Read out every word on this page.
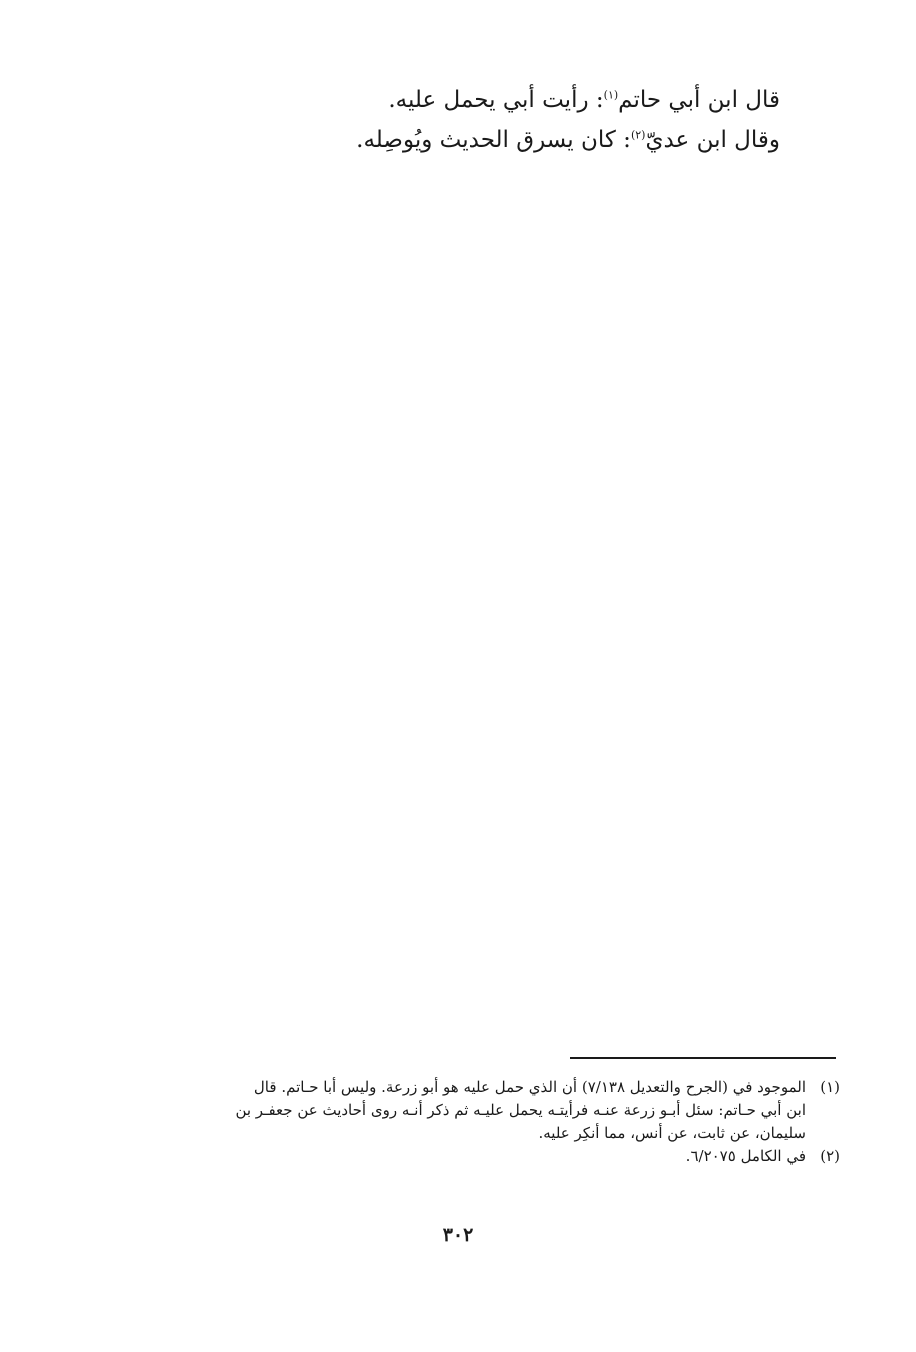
قال ابن أبي حاتم$^{(١)}$: رأيت أبي يحمل عليه.
وقال ابن عديّ$^{(٢)}$: كان يسرق الحديث ويُوصِله.
(١)
الموجود في (الجرح والتعديل ٧/١٣٨) أن الذي حمل عليه هو أبو زرعة. وليس أبا حـاتم. قال
ابن أبي حـاتم: سئل أبـو زرعة عنـه فرأيتـه يحمل عليـه ثم ذكر أنـه روى أحاديث عن جعفـر بن
سليمان، عن ثابت، عن أنس، مما أنكِر عليه.
(٢)
في الكامل ٦/٢٠٧٥.
٣٠٢
